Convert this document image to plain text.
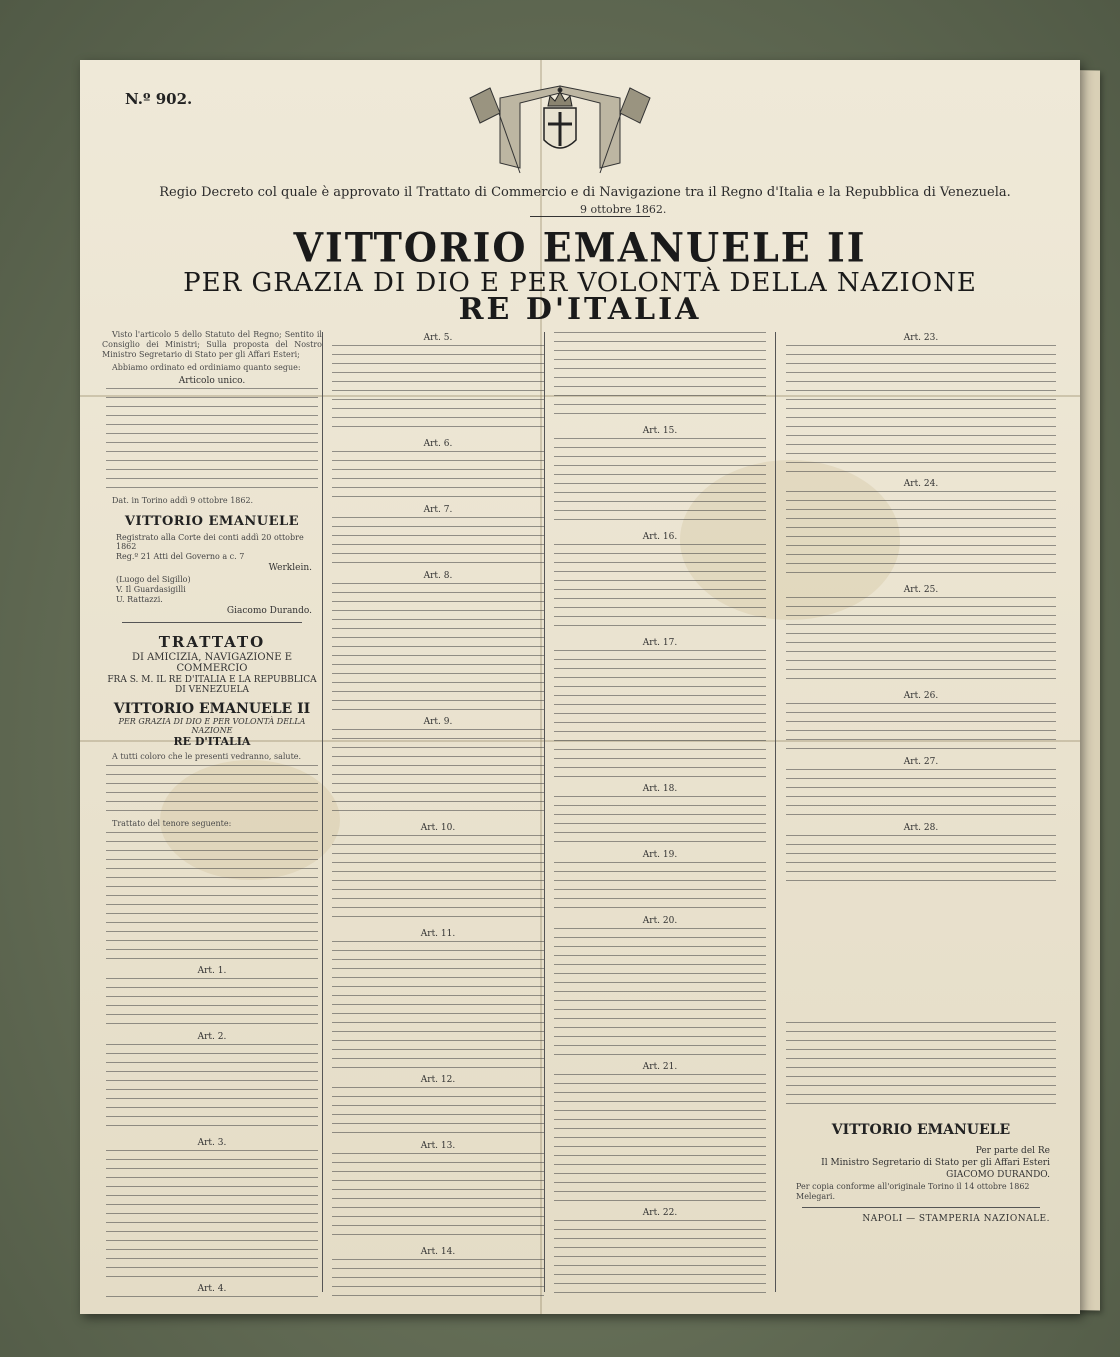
N.º 902.
Regio Decreto col quale è approvato il Trattato di Commercio e di Navigazione tra il Regno d'Italia e la Repubblica di Venezuela.
9 ottobre 1862.
VITTORIO EMANUELE II
PER GRAZIA DI DIO E PER VOLONTÀ DELLA NAZIONE
RE D'ITALIA

Visto l'articolo 5 dello Statuto del Regno; Sentito il Consiglio dei Ministri; Sulla proposta del Nostro Ministro Segretario di Stato per gli Affari Esteri;

Abbiamo ordinato ed ordiniamo quanto segue:

Articolo unico.

Dat. in Torino addì 9 ottobre 1862.

VITTORIO EMANUELE
Registrato alla Corte dei conti addì 20 ottobre 1862
Reg.º 21 Atti del Governo a c. 7
Werklein.
(Luogo del Sigillo)
V. Il Guardasigilli
U. Rattazzi.
Giacomo Durando.
TRATTATO
DI AMICIZIA, NAVIGAZIONE E COMMERCIO
FRA S. M. IL RE D'ITALIA E LA REPUBBLICA DI VENEZUELA
VITTORIO EMANUELE II
PER GRAZIA DI DIO E PER VOLONTÀ DELLA NAZIONE
RE D'ITALIA

A tutti coloro che le presenti vedranno, salute.

Trattato del tenore seguente:

Art. 1.
Art. 2.
Art. 3.
Art. 4.
Art. 5.
Art. 6.
Art. 7.
Art. 8.
Art. 9.
Art. 10.
Art. 11.
Art. 12.
Art. 13.
Art. 14.
Art. 15.
Art. 16.
Art. 17.
Art. 18.
Art. 19.
Art. 20.
Art. 21.
Art. 22.
Art. 23.
Art. 24.
Art. 25.
Art. 26.
Art. 27.
Art. 28.
VITTORIO EMANUELE
Per parte del Re
Il Ministro Segretario di Stato per gli Affari Esteri
GIACOMO DURANDO.
Per copia conforme all'originale Torino il 14 ottobre 1862
Melegari.
NAPOLI — STAMPERIA NAZIONALE.
